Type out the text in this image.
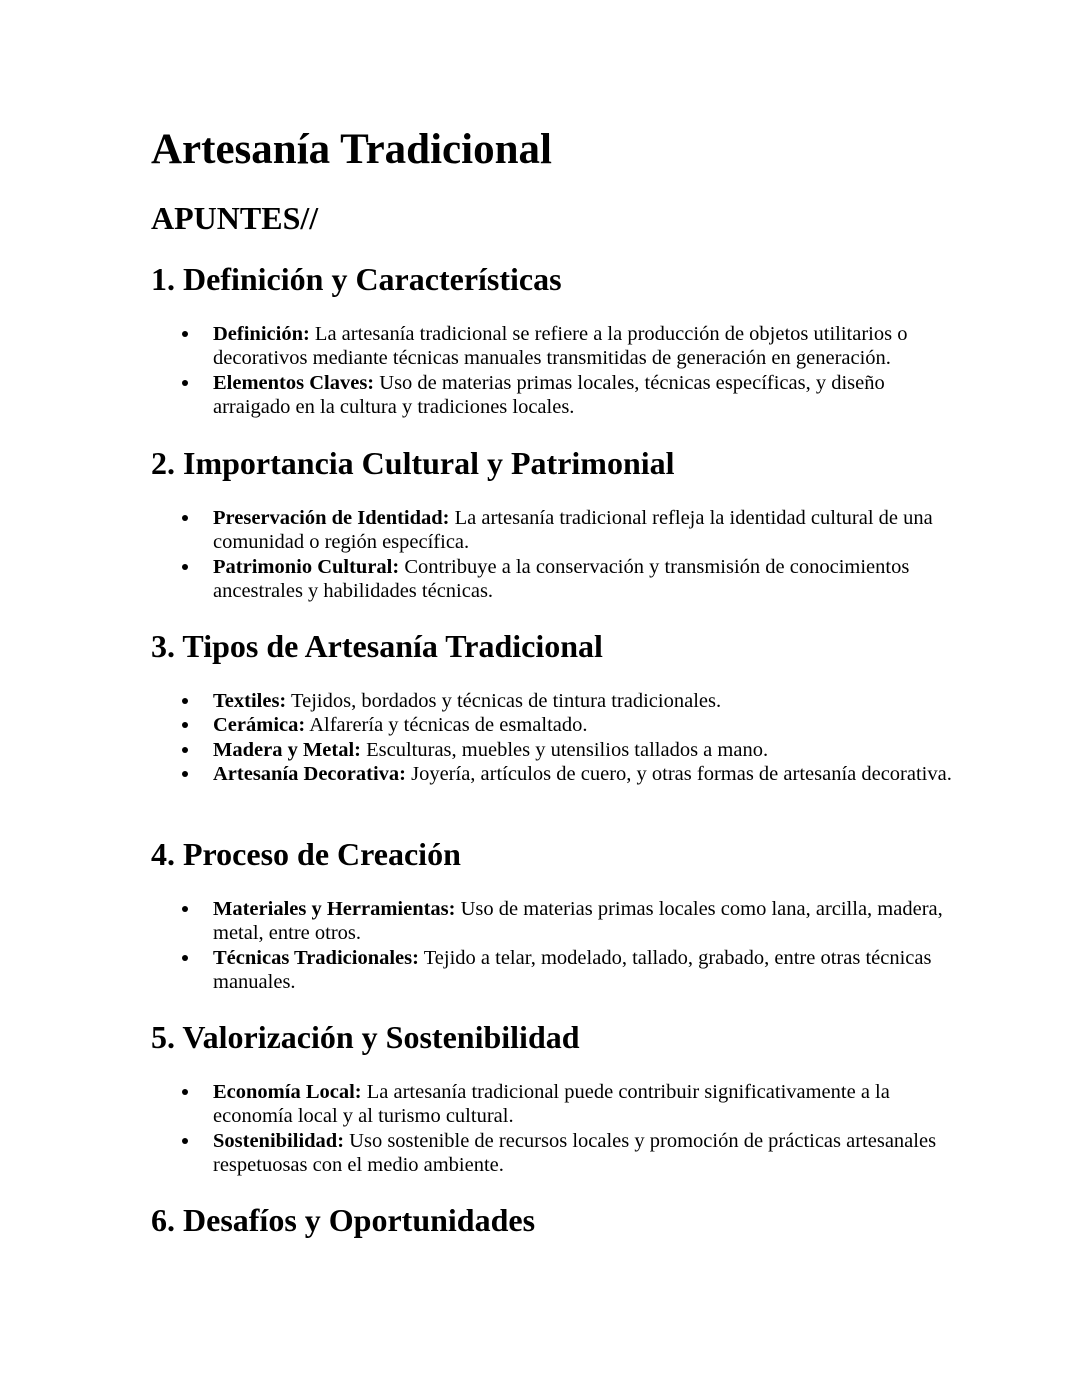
Artesanía Tradicional
APUNTES//
1. Definición y Características
Definición: La artesanía tradicional se refiere a la producción de objetos utilitarios o decorativos mediante técnicas manuales transmitidas de generación en generación.
Elementos Claves: Uso de materias primas locales, técnicas específicas, y diseño arraigado en la cultura y tradiciones locales.
2. Importancia Cultural y Patrimonial
Preservación de Identidad: La artesanía tradicional refleja la identidad cultural de una comunidad o región específica.
Patrimonio Cultural: Contribuye a la conservación y transmisión de conocimientos ancestrales y habilidades técnicas.
3. Tipos de Artesanía Tradicional
Textiles: Tejidos, bordados y técnicas de tintura tradicionales.
Cerámica: Alfarería y técnicas de esmaltado.
Madera y Metal: Esculturas, muebles y utensilios tallados a mano.
Artesanía Decorativa: Joyería, artículos de cuero, y otras formas de artesanía decorativa.
4. Proceso de Creación
Materiales y Herramientas: Uso de materias primas locales como lana, arcilla, madera, metal, entre otros.
Técnicas Tradicionales: Tejido a telar, modelado, tallado, grabado, entre otras técnicas manuales.
5. Valorización y Sostenibilidad
Economía Local: La artesanía tradicional puede contribuir significativamente a la economía local y al turismo cultural.
Sostenibilidad: Uso sostenible de recursos locales y promoción de prácticas artesanales respetuosas con el medio ambiente.
6. Desafíos y Oportunidades
